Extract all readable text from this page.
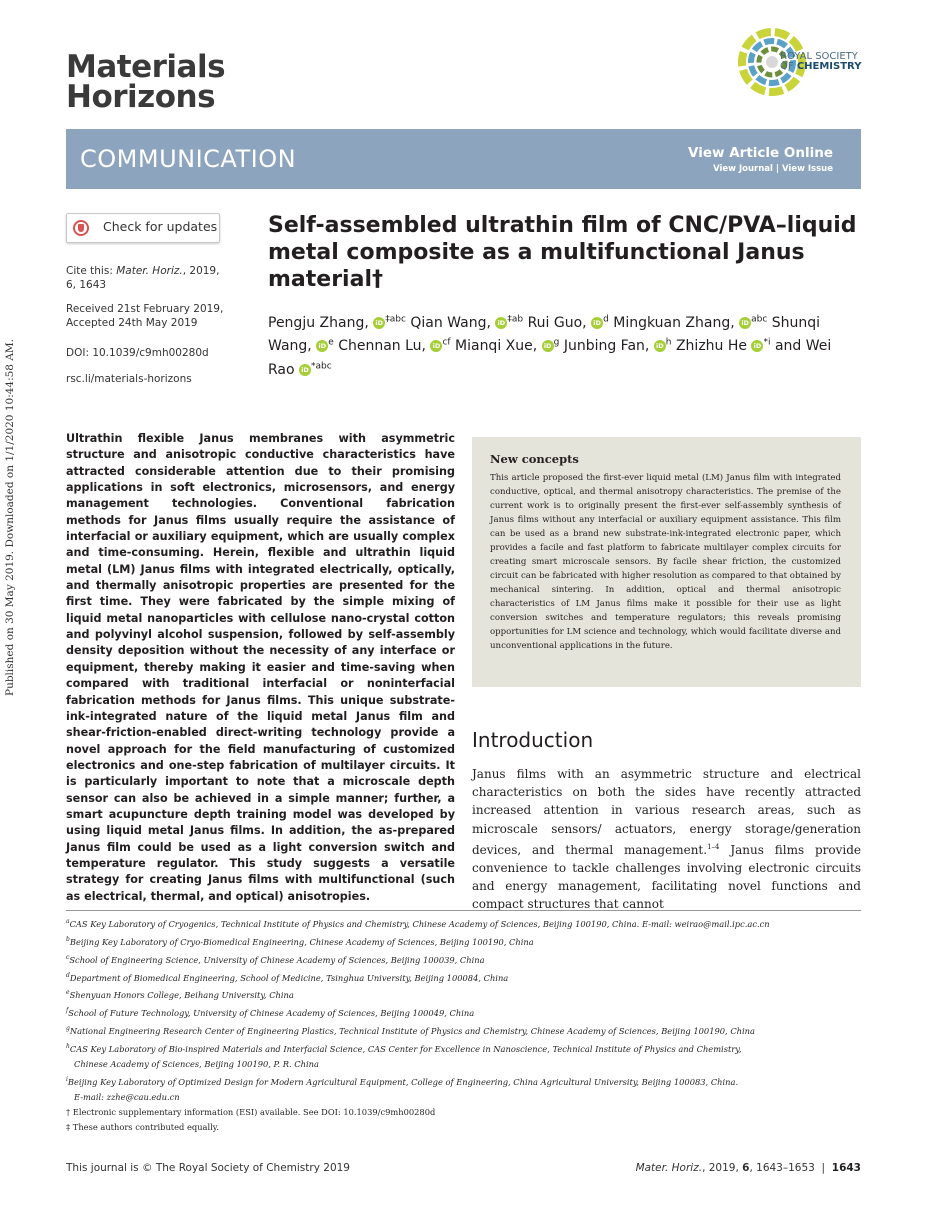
Materials
Horizons
ROYAL SOCIETY
OF CHEMISTRY
COMMUNICATION	View Article Online
View Journal | View Issue
Published on 30 May 2019. Downloaded on 1/1/2020 10:44:58 AM.
Check for updates
Cite this: Mater. Horiz., 2019,
6, 1643
Received 21st February 2019,
Accepted 24th May 2019
DOI: 10.1039/c9mh00280d
rsc.li/materials-horizons
Self-assembled ultrathin film of CNC/PVA–liquid metal composite as a multifunctional Janus material†
Pengju Zhang, iD $^{\ddagger abc}$ Qian Wang, iD $^{\ddagger ab}$ Rui Guo, iD $^d$ Mingkuan Zhang, iD $^{abc}$ Shunqi Wang, iD $^e$ Chennan Lu, iD $^{cf}$ Mianqi Xue, iD $^g$ Junbing Fan, iD $^h$ Zhizhu He iD $^{*i}$ and Wei Rao iD $^{*abc}$
Ultrathin flexible Janus membranes with asymmetric structure and anisotropic conductive characteristics have attracted considerable attention due to their promising applications in soft electronics, microsensors, and energy management technologies. Conventional fabrication methods for Janus films usually require the assistance of interfacial or auxiliary equipment, which are usually complex and time-consuming. Herein, flexible and ultrathin liquid metal (LM) Janus films with integrated electrically, optically, and thermally anisotropic properties are presented for the first time. They were fabricated by the simple mixing of liquid metal nanoparticles with cellulose nano-crystal cotton and polyvinyl alcohol suspension, followed by self-assembly density deposition without the necessity of any interface or equipment, thereby making it easier and time-saving when compared with traditional interfacial or noninterfacial fabrication methods for Janus films. This unique substrate-ink-integrated nature of the liquid metal Janus film and shear-friction-enabled direct-writing technology provide a novel approach for the field manufacturing of customized electronics and one-step fabrication of multilayer circuits. It is particularly important to note that a microscale depth sensor can also be achieved in a simple manner; further, a smart acupuncture depth training model was developed by using liquid metal Janus films. In addition, the as-prepared Janus film could be used as a light conversion switch and temperature regulator. This study suggests a versatile strategy for creating Janus films with multifunctional (such as electrical, thermal, and optical) anisotropies.
New concepts
This article proposed the first-ever liquid metal (LM) Janus film with integrated conductive, optical, and thermal anisotropy characteristics. The premise of the current work is to originally present the first-ever self-assembly synthesis of Janus films without any interfacial or auxiliary equipment assistance. This film can be used as a brand new substrate-ink-integrated electronic paper, which provides a facile and fast platform to fabricate multilayer complex circuits for creating smart microscale sensors. By facile shear friction, the customized circuit can be fabricated with higher resolution as compared to that obtained by mechanical sintering. In addition, optical and thermal anisotropic characteristics of LM Janus films make it possible for their use as light conversion switches and temperature regulators; this reveals promising opportunities for LM science and technology, which would facilitate diverse and unconventional applications in the future.
Introduction
Janus films with an asymmetric structure and electrical characteristics on both the sides have recently attracted increased attention in various research areas, such as microscale sensors/ actuators, energy storage/generation devices, and thermal management.$^{1-4}$ Janus films provide convenience to tackle challenges involving electronic circuits and energy management, facilitating novel functions and compact structures that cannot
$^a$CAS Key Laboratory of Cryogenics, Technical Institute of Physics and Chemistry, Chinese Academy of Sciences, Beijing 100190, China. E-mail: weirao@mail.ipc.ac.cn
$^b$Beijing Key Laboratory of Cryo-Biomedical Engineering, Chinese Academy of Sciences, Beijing 100190, China
$^c$School of Engineering Science, University of Chinese Academy of Sciences, Beijing 100039, China
$^d$Department of Biomedical Engineering, School of Medicine, Tsinghua University, Beijing 100084, China
$^e$Shenyuan Honors College, Beihang University, China
$^f$School of Future Technology, University of Chinese Academy of Sciences, Beijing 100049, China
$^g$National Engineering Research Center of Engineering Plastics, Technical Institute of Physics and Chemistry, Chinese Academy of Sciences, Beijing 100190, China
$^h$CAS Key Laboratory of Bio-inspired Materials and Interfacial Science, CAS Center for Excellence in Nanoscience, Technical Institute of Physics and Chemistry,
Chinese Academy of Sciences, Beijing 100190, P. R. China
$^i$Beijing Key Laboratory of Optimized Design for Modern Agricultural Equipment, College of Engineering, China Agricultural University, Beijing 100083, China.
E-mail: zzhe@cau.edu.cn
† Electronic supplementary information (ESI) available. See DOI: 10.1039/c9mh00280d
‡ These authors contributed equally.
This journal is © The Royal Society of Chemistry 2019	Mater. Horiz., 2019, 6, 1643–1653 | 1643
